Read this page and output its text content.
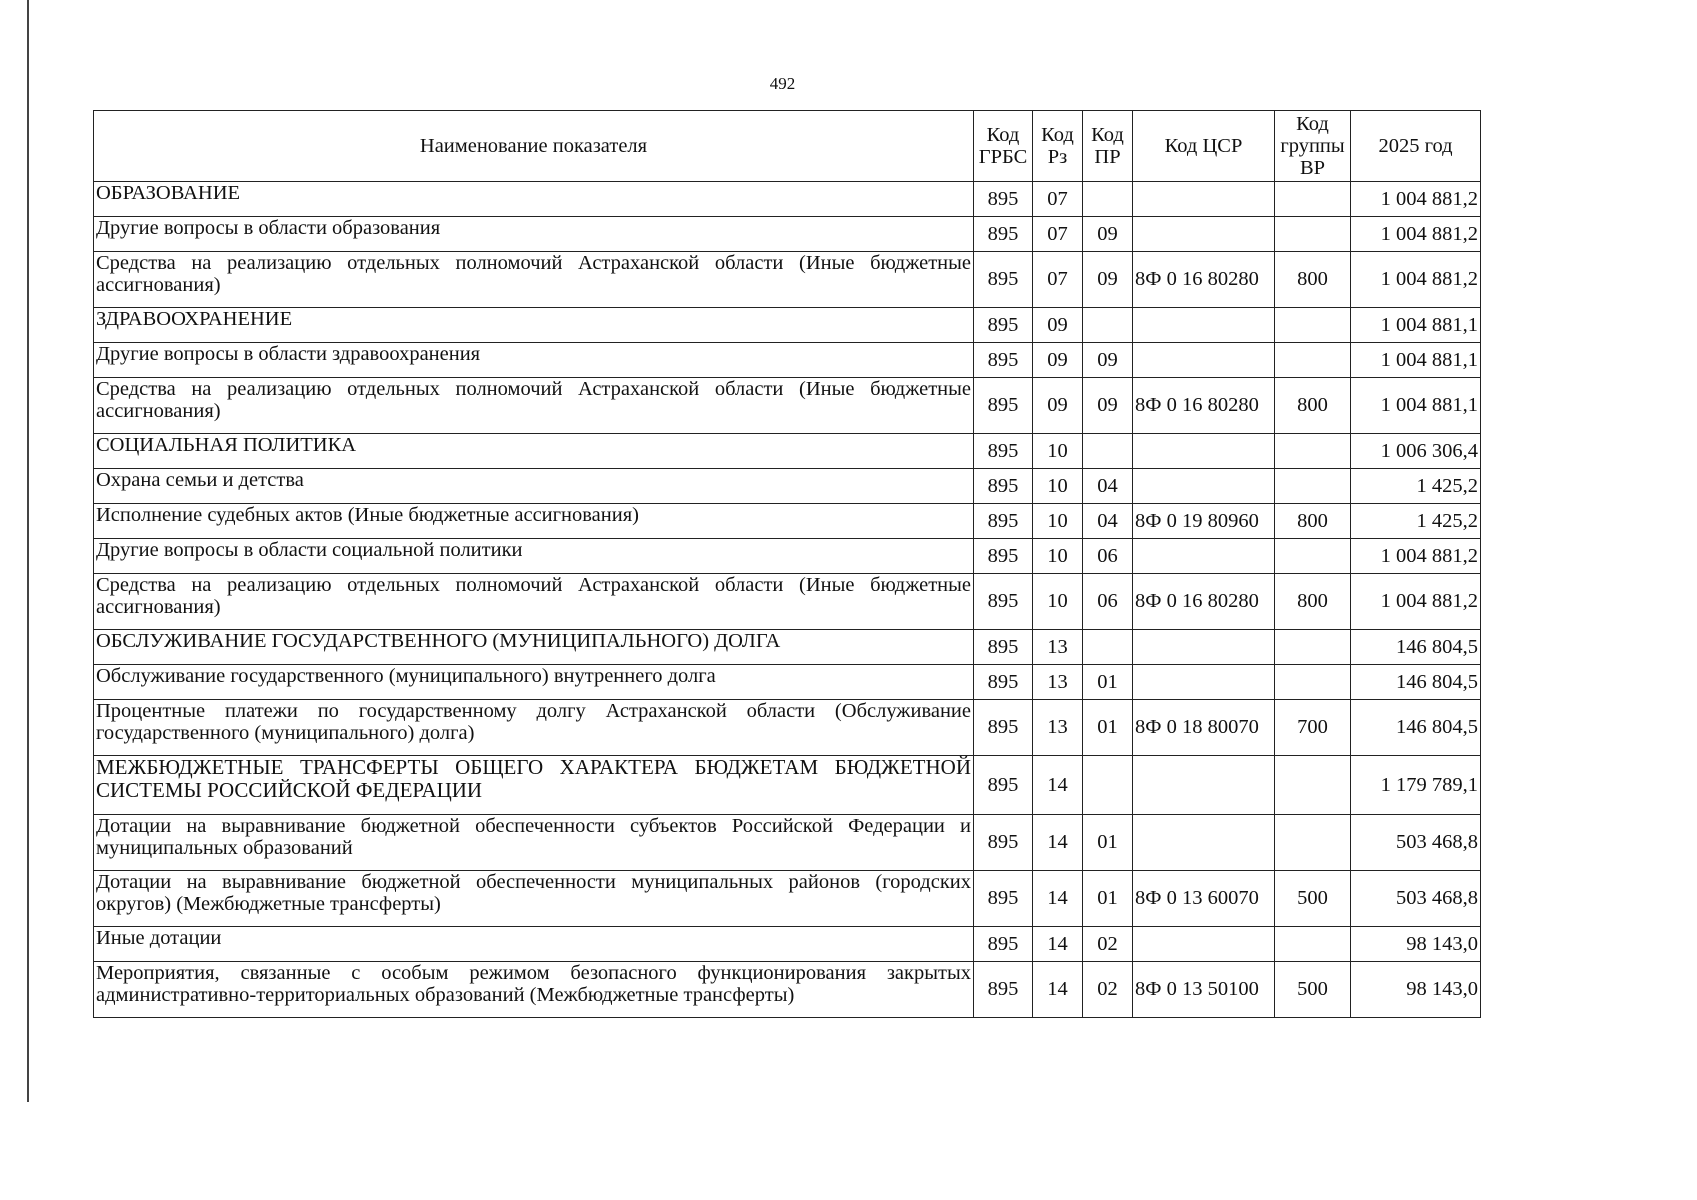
492
Наименование показателя	Код ГРБС	Код Рз	Код ПР	Код ЦСР	Код группы ВР	2025 год
ОБРАЗОВАНИЕ	895	07				1 004 881,2
Другие вопросы в области образования	895	07	09			1 004 881,2
Средства на реализацию отдельных полномочий Астраханской области (Иные бюджетные ассигнования)	895	07	09	8Ф 0 16 80280	800	1 004 881,2
ЗДРАВООХРАНЕНИЕ	895	09				1 004 881,1
Другие вопросы в области здравоохранения	895	09	09			1 004 881,1
Средства на реализацию отдельных полномочий Астраханской области (Иные бюджетные ассигнования)	895	09	09	8Ф 0 16 80280	800	1 004 881,1
СОЦИАЛЬНАЯ ПОЛИТИКА	895	10				1 006 306,4
Охрана семьи и детства	895	10	04			1 425,2
Исполнение судебных актов (Иные бюджетные ассигнования)	895	10	04	8Ф 0 19 80960	800	1 425,2
Другие вопросы в области социальной политики	895	10	06			1 004 881,2
Средства на реализацию отдельных полномочий Астраханской области (Иные бюджетные ассигнования)	895	10	06	8Ф 0 16 80280	800	1 004 881,2
ОБСЛУЖИВАНИЕ ГОСУДАРСТВЕННОГО (МУНИЦИПАЛЬНОГО) ДОЛГА	895	13				146 804,5
Обслуживание государственного (муниципального) внутреннего долга	895	13	01			146 804,5
Процентные платежи по государственному долгу Астраханской области (Обслуживание государственного (муниципального) долга)	895	13	01	8Ф 0 18 80070	700	146 804,5
МЕЖБЮДЖЕТНЫЕ ТРАНСФЕРТЫ ОБЩЕГО ХАРАКТЕРА БЮДЖЕТАМ БЮДЖЕТНОЙ СИСТЕМЫ РОССИЙСКОЙ ФЕДЕРАЦИИ	895	14				1 179 789,1
Дотации на выравнивание бюджетной обеспеченности субъектов Российской Федерации и муниципальных образований	895	14	01			503 468,8
Дотации на выравнивание бюджетной обеспеченности муниципальных районов (городских округов) (Межбюджетные трансферты)	895	14	01	8Ф 0 13 60070	500	503 468,8
Иные дотации	895	14	02			98 143,0
Мероприятия, связанные с особым режимом безопасного функционирования закрытых административно-территориальных образований (Межбюджетные трансферты)	895	14	02	8Ф 0 13 50100	500	98 143,0
